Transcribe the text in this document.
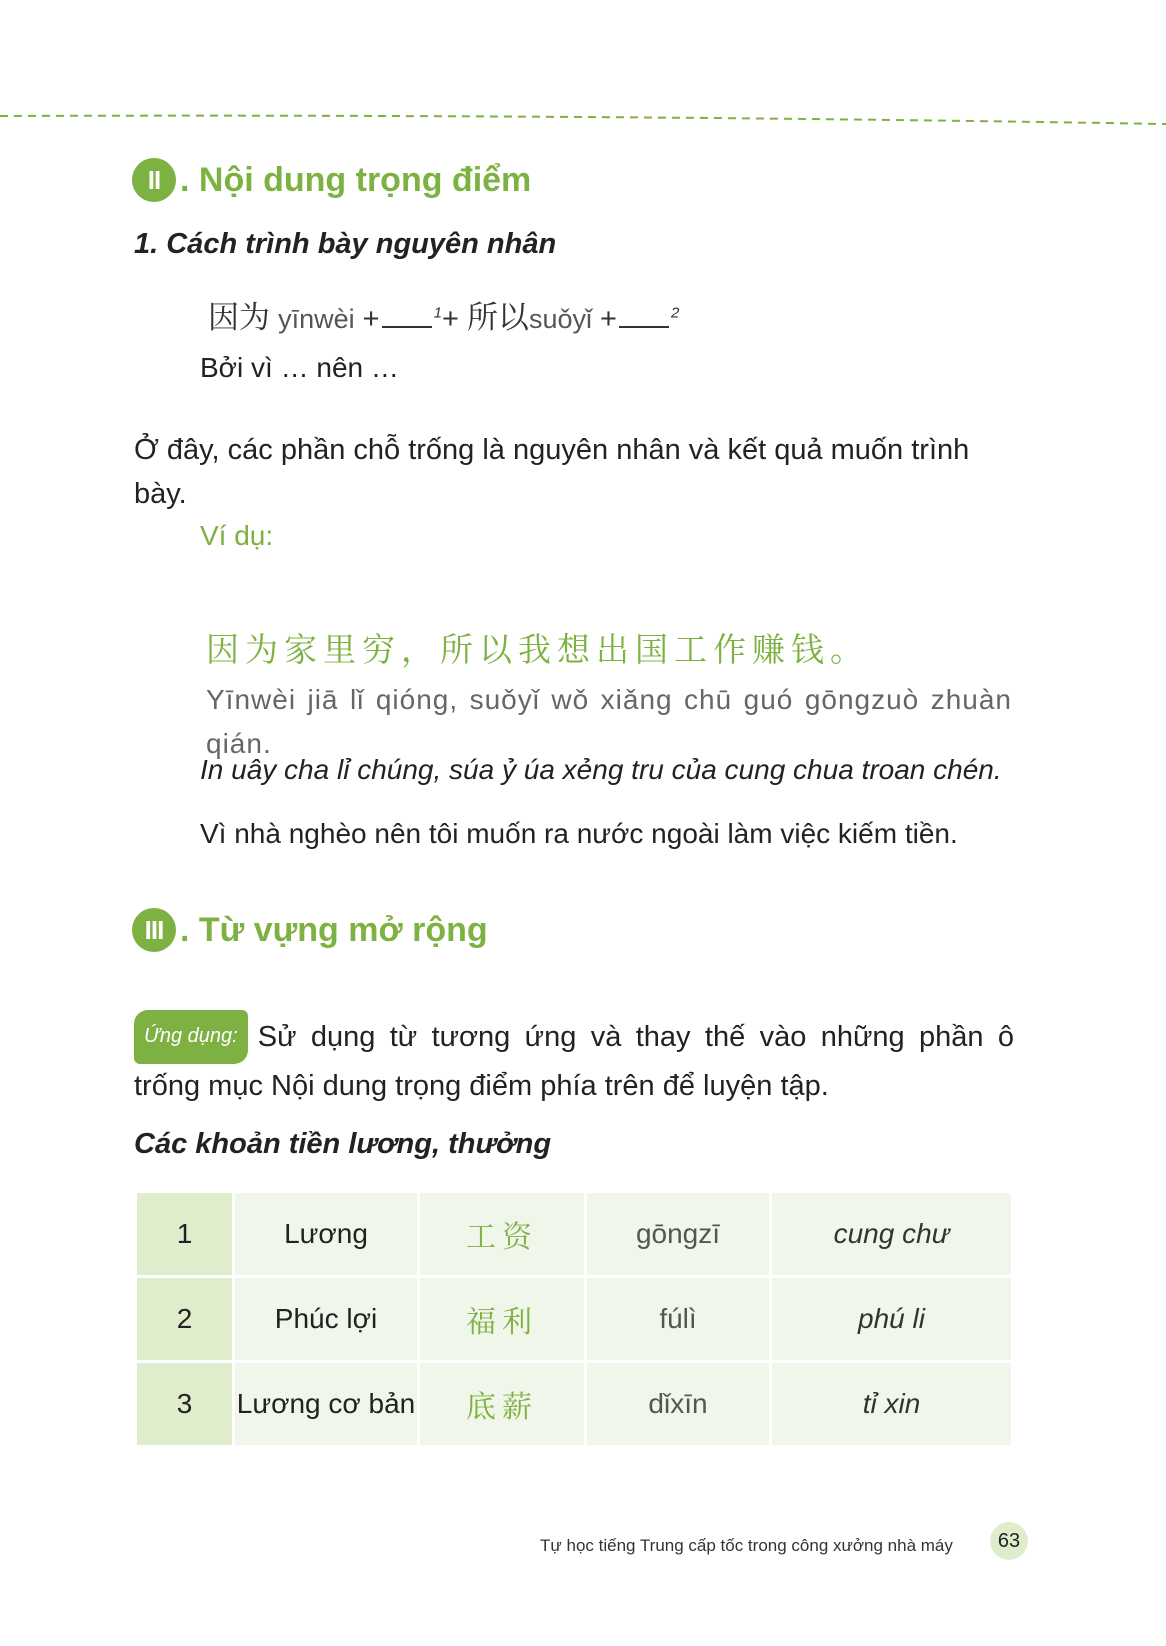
II . Nội dung trọng điểm
1. Cách trình bày nguyên nhân
因为 yīnwèi +	$^1$+ 所以suǒyǐ +	$^2$
Bởi vì … nên …
Ở đây, các phần chỗ trống là nguyên nhân và kết quả muốn trình bày.
Ví dụ:
因为家里穷，所以我想出国工作赚钱。
Yīnwèi jiā lǐ qióng, suǒyǐ wǒ xiǎng chū guó gōngzuò zhuàn qián.
In uây cha lỉ chúng, súa ỷ úa xẻng tru của cung chua troan chén.
Vì nhà nghèo nên tôi muốn ra nước ngoài làm việc kiếm tiền.
III . Từ vựng mở rộng
Ứng dụng: Sử dụng từ tương ứng và thay thế vào những phần ô trống mục Nội dung trọng điểm phía trên để luyện tập.
Các khoản tiền lương, thưởng
1	Lương	工资	gōngzī	cung chư
2	Phúc lợi	福利	fúlì	phú li
3	Lương cơ bản	底薪	dǐxīn	tỉ xin
Tự học tiếng Trung cấp tốc trong công xưởng nhà máy	63
